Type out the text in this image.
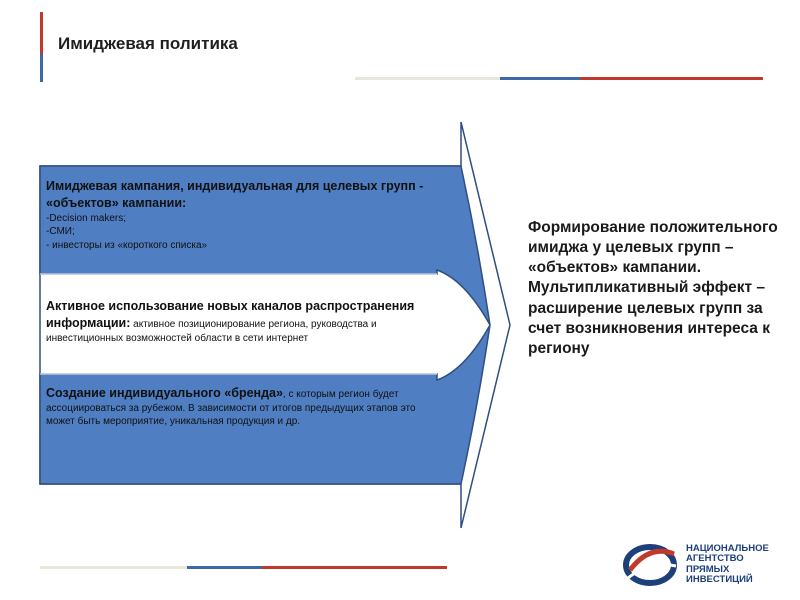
Имиджевая политика
Имиджевая кампания, индивидуальная для целевых групп - «объектов» кампании:
-Decision makers;
-СМИ;
- инвесторы из «короткого списка»
Активное использование новых каналов распространения информации: активное позиционирование региона, руководства и инвестиционных возможностей области в сети интернет
Создание индивидуального «бренда», с которым регион будет ассоциироваться за рубежом. В зависимости от итогов предыдущих этапов это может быть мероприятие, уникальная продукция и др.

Формирование положительного имиджа у целевых групп – «объектов» кампании. Мультипликативный эффект – расширение целевых групп за счет возникновения интереса к региону

НАЦИОНАЛЬНОЕ
АГЕНТСТВО
ПРЯМЫХ
ИНВЕСТИЦИЙ
